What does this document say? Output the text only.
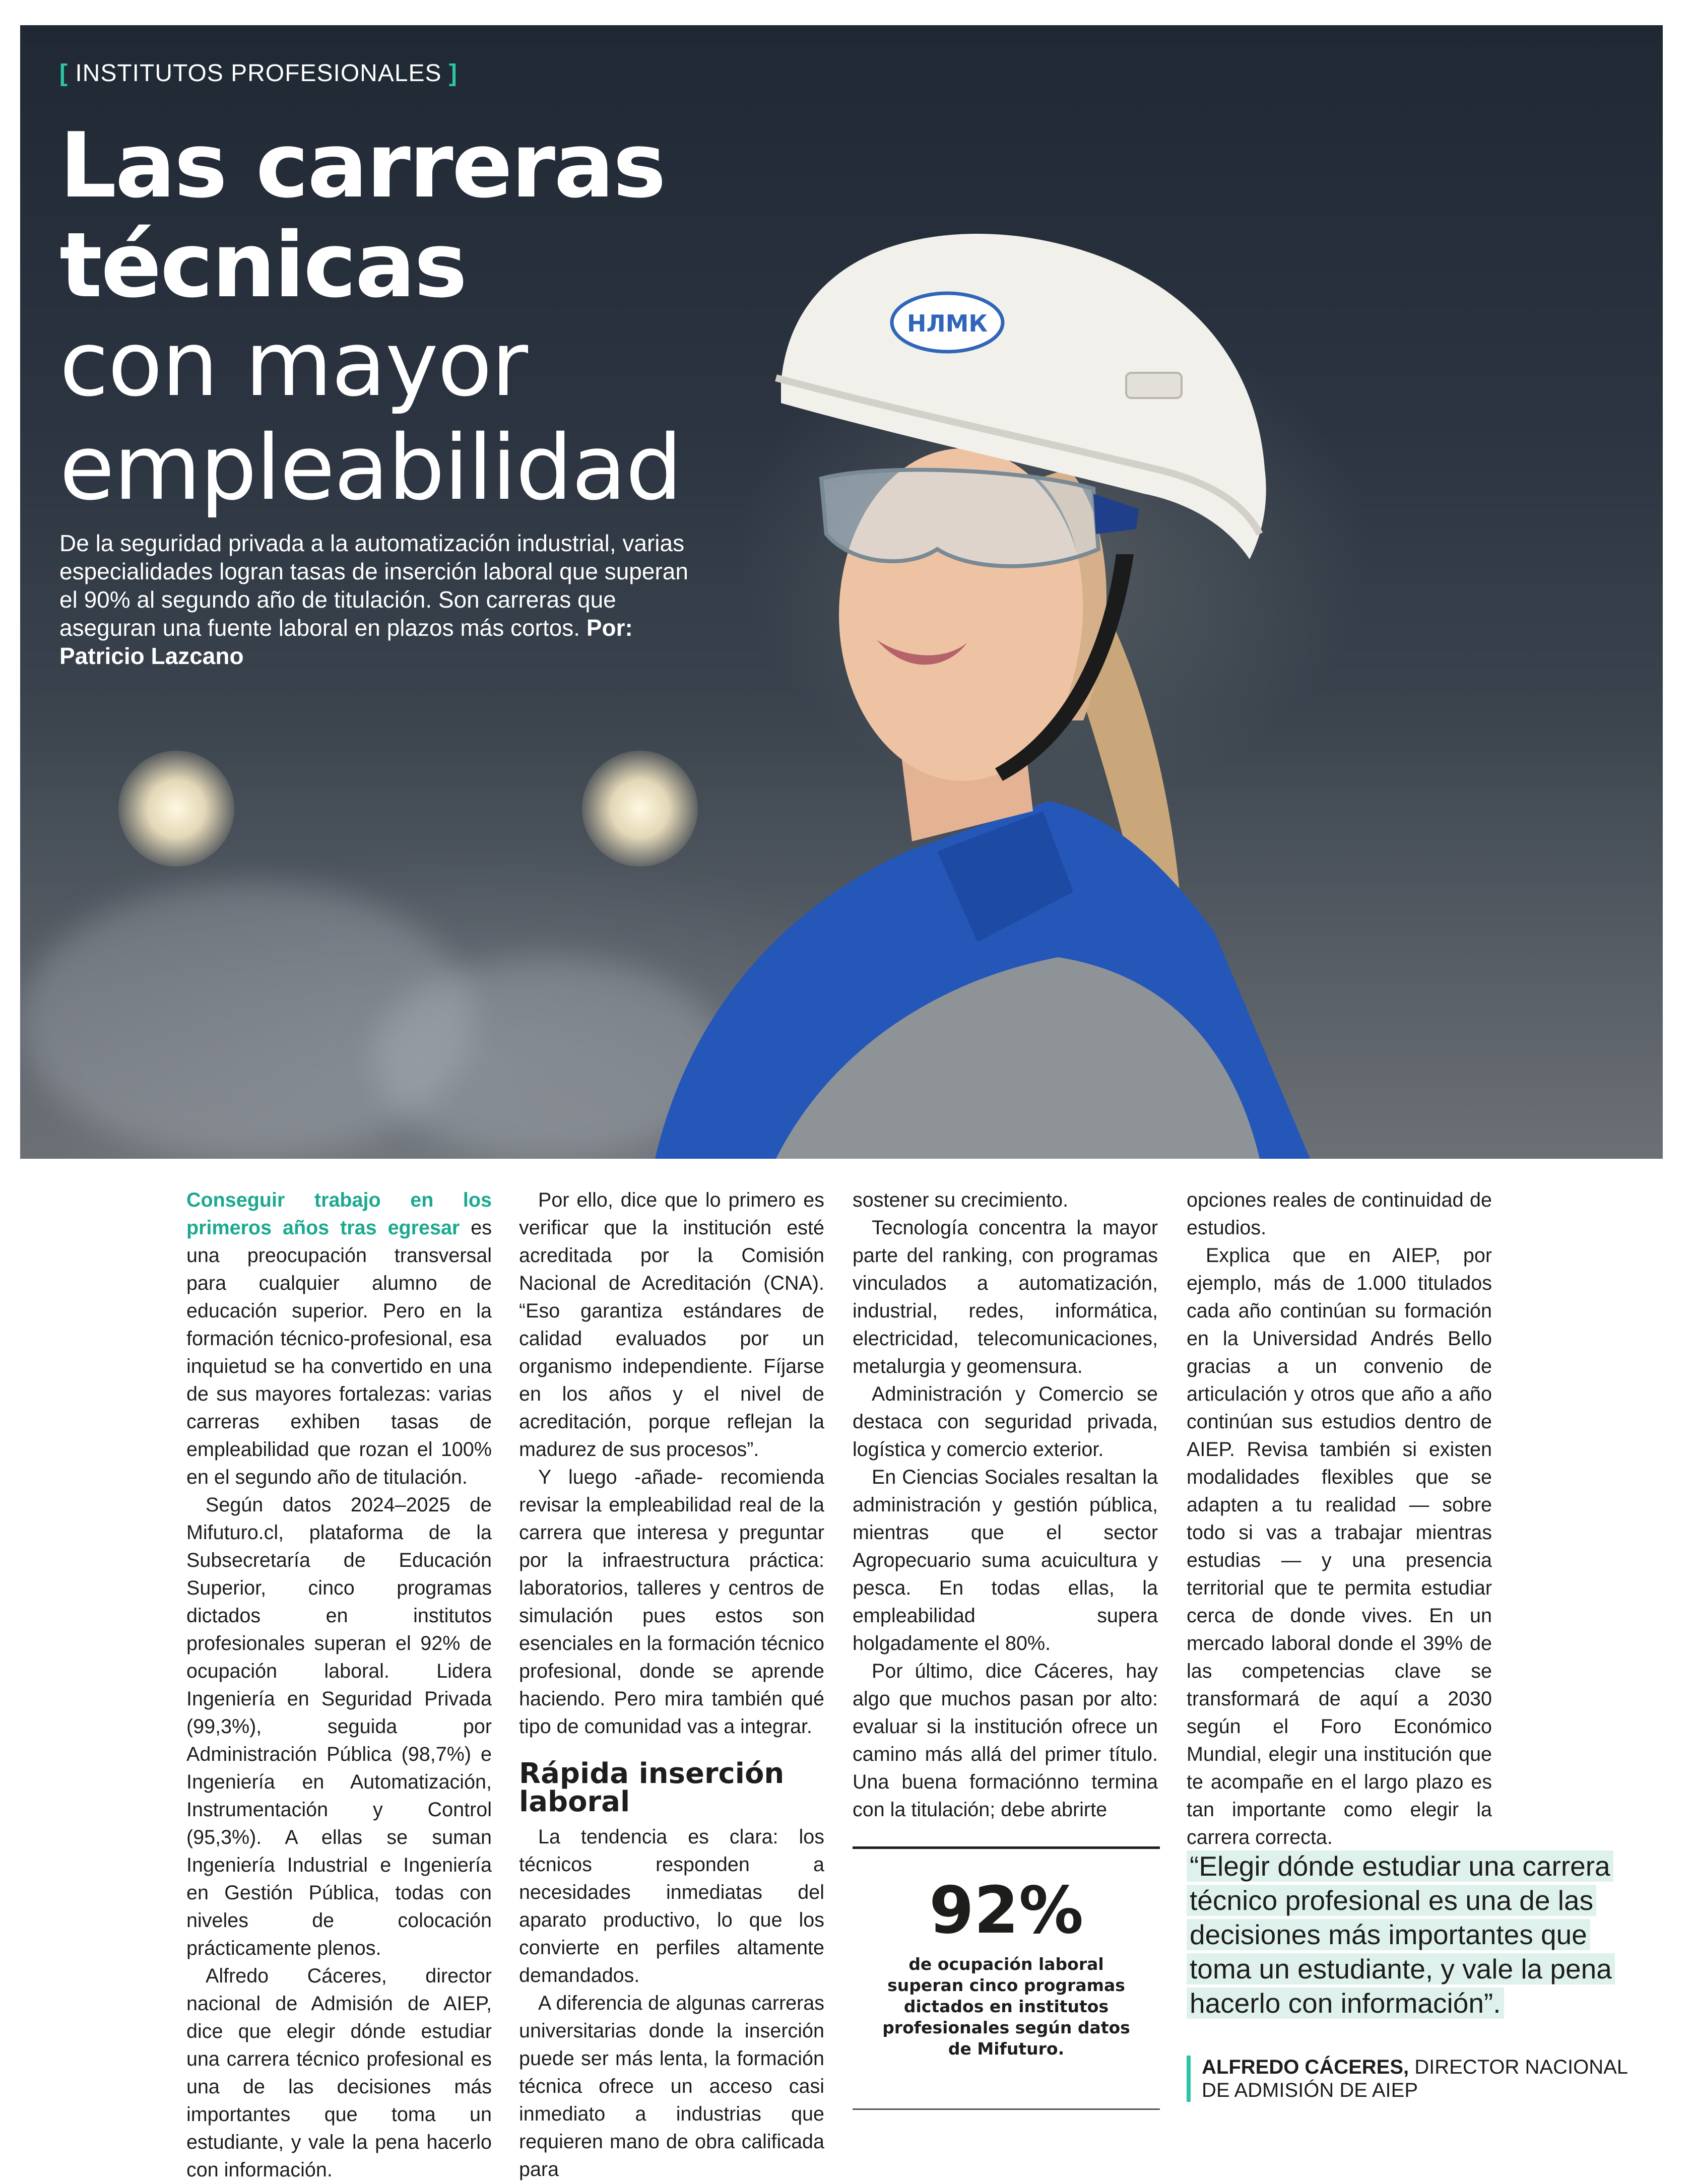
НЛМК
[ INSTITUTOS PROFESIONALES ]
Las carreras
técnicas
con mayor
empleabilidad
De la seguridad privada a la automatización industrial, varias especialidades logran tasas de inserción laboral que superan el 90% al segundo año de titulación. Son carreras que aseguran una fuente laboral en plazos más cortos. Por: Patricio Lazcano

Conseguir trabajo en los primeros años tras egresar es una preocupación transversal para cualquier alumno de educación superior. Pero en la formación técnico-profesional, esa inquietud se ha convertido en una de sus mayores fortalezas: varias carreras exhiben tasas de empleabilidad que rozan el 100% en el segundo año de titulación.

Según datos 2024–2025 de Mifuturo.cl, plataforma de la Subsecretaría de Educación Superior, cinco programas dictados en institutos profesionales superan el 92% de ocupación laboral. Lidera Ingeniería en Seguridad Privada (99,3%), seguida por Administración Pública (98,7%) e Ingeniería en Automatización, Instrumentación y Control (95,3%). A ellas se suman Ingeniería Industrial e Ingeniería en Gestión Pública, todas con niveles de colocación prácticamente plenos.

Alfredo Cáceres, director nacional de Admisión de AIEP, dice que elegir dónde estudiar una carrera técnico profesional es una de las decisiones más importantes que toma un estudiante, y vale la pena hacerlo con información.

Por ello, dice que lo primero es verificar que la institución esté acreditada por la Comisión Nacional de Acreditación (CNA). “Eso garantiza estándares de calidad evaluados por un organismo independiente. Fíjarse en los años y el nivel de acreditación, porque reflejan la madurez de sus procesos”.

Y luego -añade- recomienda revisar la empleabilidad real de la carrera que interesa y preguntar por la infraestructura práctica: laboratorios, talleres y centros de simulación pues estos son esenciales en la formación técnico profesional, donde se aprende haciendo. Pero mira también qué tipo de comunidad vas a integrar.

Rápida inserción laboral

La tendencia es clara: los técnicos responden a necesidades inmediatas del aparato productivo, lo que los convierte en perfiles altamente demandados.

A diferencia de algunas carreras universitarias donde la inserción puede ser más lenta, la formación técnica ofrece un acceso casi inmediato a industrias que requieren mano de obra calificada para

sostener su crecimiento.

Tecnología concentra la mayor parte del ranking, con programas vinculados a automatización, industrial, redes, informática, electricidad, telecomunicaciones, metalurgia y geomensura.

Administración y Comercio se destaca con seguridad privada, logística y comercio exterior.

En Ciencias Sociales resaltan la administración y gestión pública, mientras que el sector Agropecuario suma acuicultura y pesca. En todas ellas, la empleabilidad supera holgadamente el 80%.

Por último, dice Cáceres, hay algo que muchos pasan por alto: evaluar si la institución ofrece un camino más allá del primer título. Una buena formaciónno termina con la titulación; debe abrirte

92%
de ocupación laboral superan cinco programas dictados en institutos profesionales según datos de Mifuturo.

opciones reales de continuidad de estudios.

Explica que en AIEP, por ejemplo, más de 1.000 titulados cada año continúan su formación en la Universidad Andrés Bello gracias a un convenio de articulación y otros que año a año continúan sus estudios dentro de AIEP. Revisa también si existen modalidades flexibles que se adapten a tu realidad — sobre todo si vas a trabajar mientras estudias — y una presencia territorial que te permita estudiar cerca de donde vives. En un mercado laboral donde el 39% de las competencias clave se transformará de aquí a 2030 según el Foro Económico Mundial, elegir una institución que te acompañe en el largo plazo es tan importante como elegir la carrera correcta.

“Elegir dónde estudiar una carrera técnico profesional es una de las decisiones más importantes que toma un estudiante, y vale la pena hacerlo con información”.
ALFREDO CÁCERES, DIRECTOR NACIONAL DE ADMISIÓN DE AIEP
